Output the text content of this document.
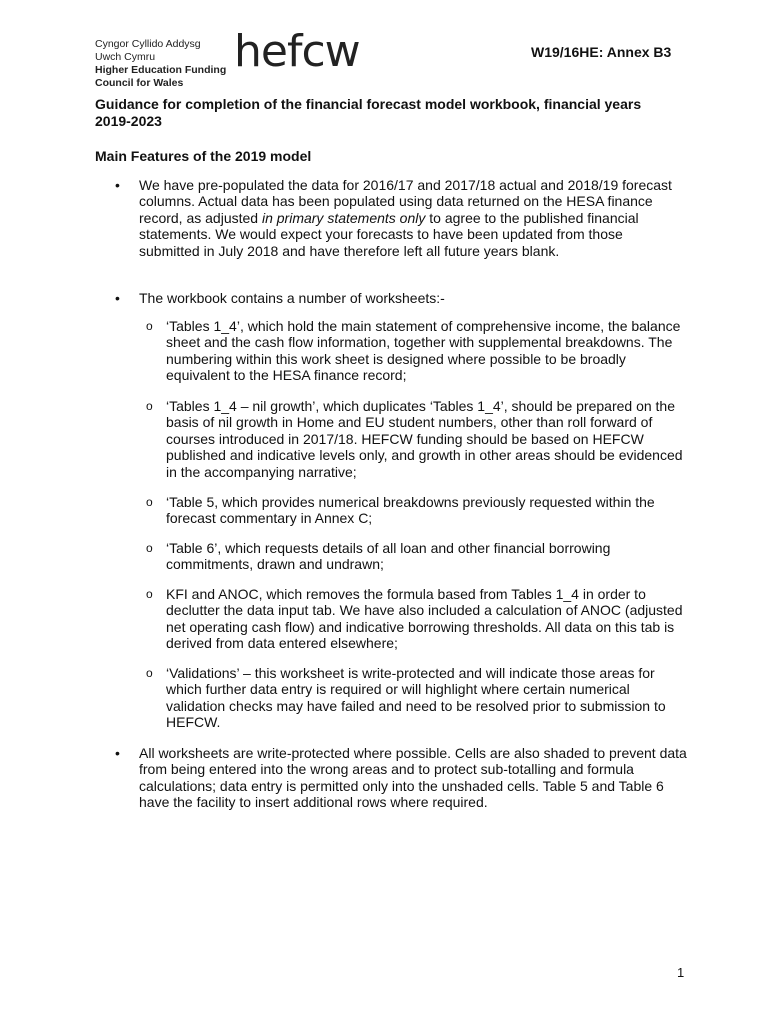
Cyngor Cyllido Addysg
Uwch Cymru
Higher Education Funding
Council for Wales
hefcw	W19/16HE: Annex B3
Guidance for completion of the financial forecast model workbook, financial years 2019-2023
Main Features of the 2019 model
• We have pre-populated the data for 2016/17 and 2017/18 actual and 2018/19 forecast columns. Actual data has been populated using data returned on the HESA finance record, as adjusted in primary statements only to agree to the published financial statements. We would expect your forecasts to have been updated from those submitted in July 2018 and have therefore left all future years blank.
• The workbook contains a number of worksheets:-
o ‘Tables 1_4’, which hold the main statement of comprehensive income, the balance sheet and the cash flow information, together with supplemental breakdowns. The numbering within this work sheet is designed where possible to be broadly equivalent to the HESA finance record;
o ‘Tables 1_4 – nil growth’, which duplicates ‘Tables 1_4’, should be prepared on the basis of nil growth in Home and EU student numbers, other than roll forward of courses introduced in 2017/18. HEFCW funding should be based on HEFCW published and indicative levels only, and growth in other areas should be evidenced in the accompanying narrative;
o ‘Table 5, which provides numerical breakdowns previously requested within the forecast commentary in Annex C;
o ‘Table 6’, which requests details of all loan and other financial borrowing commitments, drawn and undrawn;
o KFI and ANOC, which removes the formula based from Tables 1_4 in order to declutter the data input tab. We have also included a calculation of ANOC (adjusted net operating cash flow) and indicative borrowing thresholds. All data on this tab is derived from data entered elsewhere;
o ‘Validations’ – this worksheet is write-protected and will indicate those areas for which further data entry is required or will highlight where certain numerical validation checks may have failed and need to be resolved prior to submission to HEFCW.
• All worksheets are write-protected where possible. Cells are also shaded to prevent data from being entered into the wrong areas and to protect sub-totalling and formula calculations; data entry is permitted only into the unshaded cells. Table 5 and Table 6 have the facility to insert additional rows where required.
1
